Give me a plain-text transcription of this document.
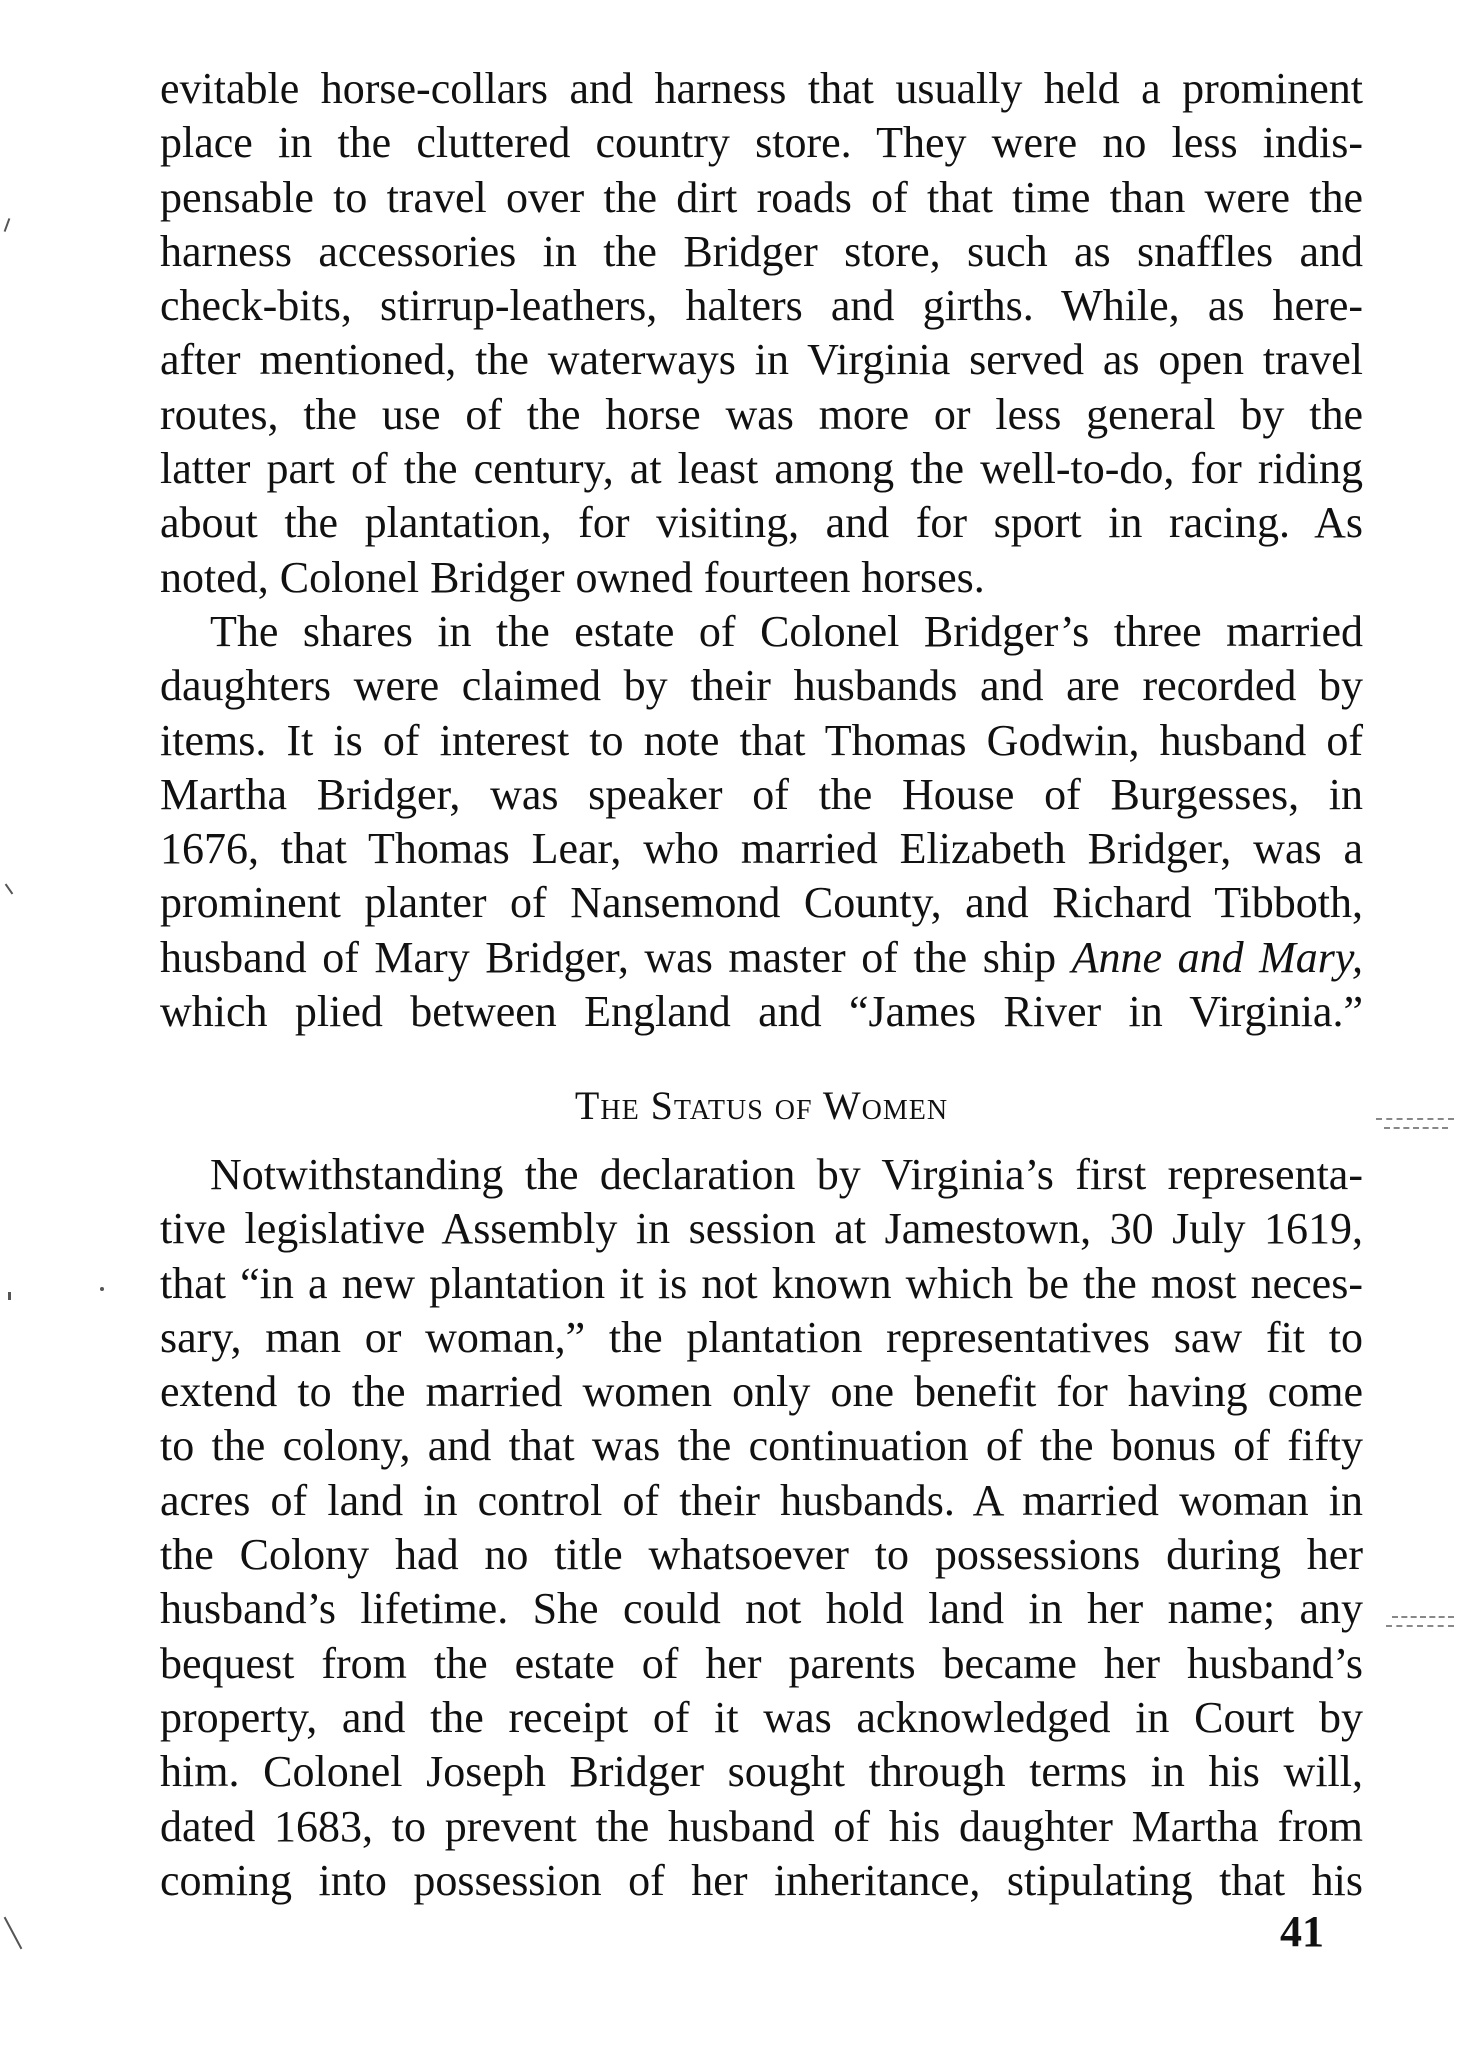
evitable horse-collars and harness that usually held a prominent
place in the cluttered country store. They were no less indis-
pensable to travel over the dirt roads of that time than were the
harness accessories in the Bridger store, such as snaffles and
check-bits, stirrup-leathers, halters and girths. While, as here-
after mentioned, the waterways in Virginia served as open travel
routes, the use of the horse was more or less general by the
latter part of the century, at least among the well-to-do, for riding
about the plantation, for visiting, and for sport in racing. As
noted, Colonel Bridger owned fourteen horses.
The shares in the estate of Colonel Bridger’s three married
daughters were claimed by their husbands and are recorded by
items. It is of interest to note that Thomas Godwin, husband of
Martha Bridger, was speaker of the House of Burgesses, in
1676, that Thomas Lear, who married Elizabeth Bridger, was a
prominent planter of Nansemond County, and Richard Tibboth,
husband of Mary Bridger, was master of the ship Anne and Mary,
which plied between England and “James River in Virginia.”
The Status of Women
Notwithstanding the declaration by Virginia’s first representa-
tive legislative Assembly in session at Jamestown, 30 July 1619,
that “in a new plantation it is not known which be the most neces-
sary, man or woman,” the plantation representatives saw fit to
extend to the married women only one benefit for having come
to the colony, and that was the continuation of the bonus of fifty
acres of land in control of their husbands. A married woman in
the Colony had no title whatsoever to possessions during her
husband’s lifetime. She could not hold land in her name; any
bequest from the estate of her parents became her husband’s
property, and the receipt of it was acknowledged in Court by
him. Colonel Joseph Bridger sought through terms in his will,
dated 1683, to prevent the husband of his daughter Martha from
coming into possession of her inheritance, stipulating that his
41
